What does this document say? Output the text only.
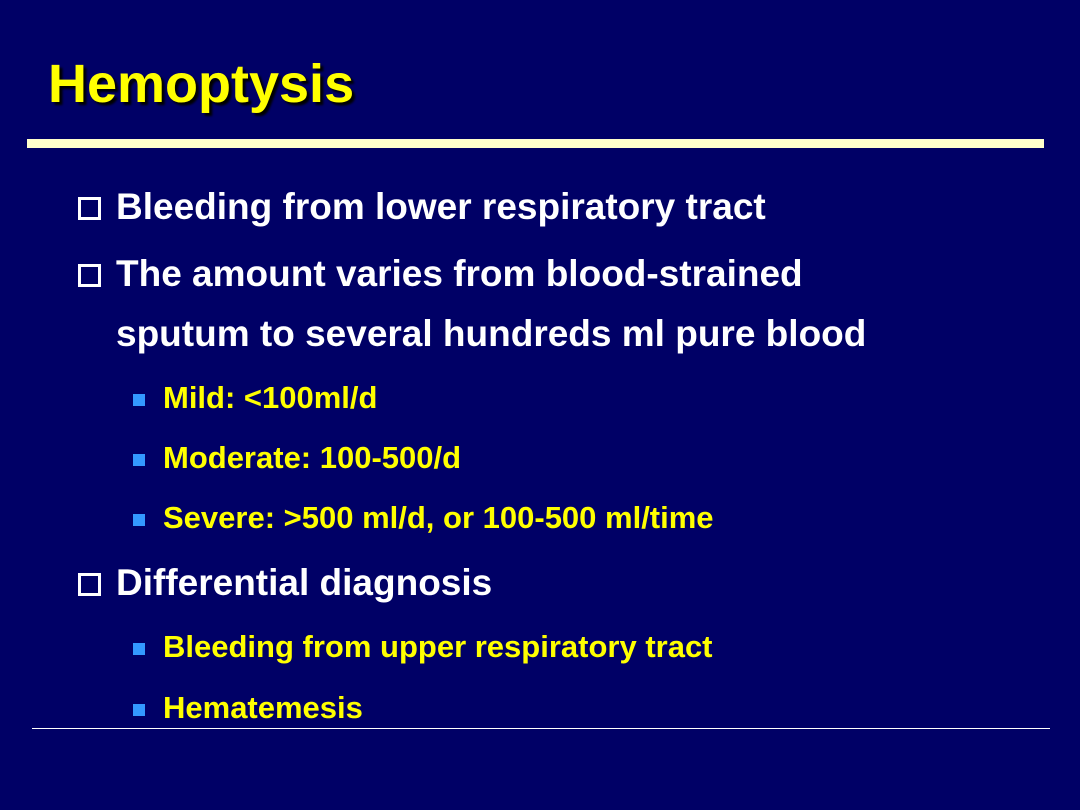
Hemoptysis
Bleeding from lower respiratory tract
The amount varies from blood-strained
sputum to several hundreds ml pure blood
Mild: <100ml/d
Moderate: 100-500/d
Severe: >500 ml/d, or 100-500 ml/time
Differential diagnosis
Bleeding from upper respiratory tract
Hematemesis
